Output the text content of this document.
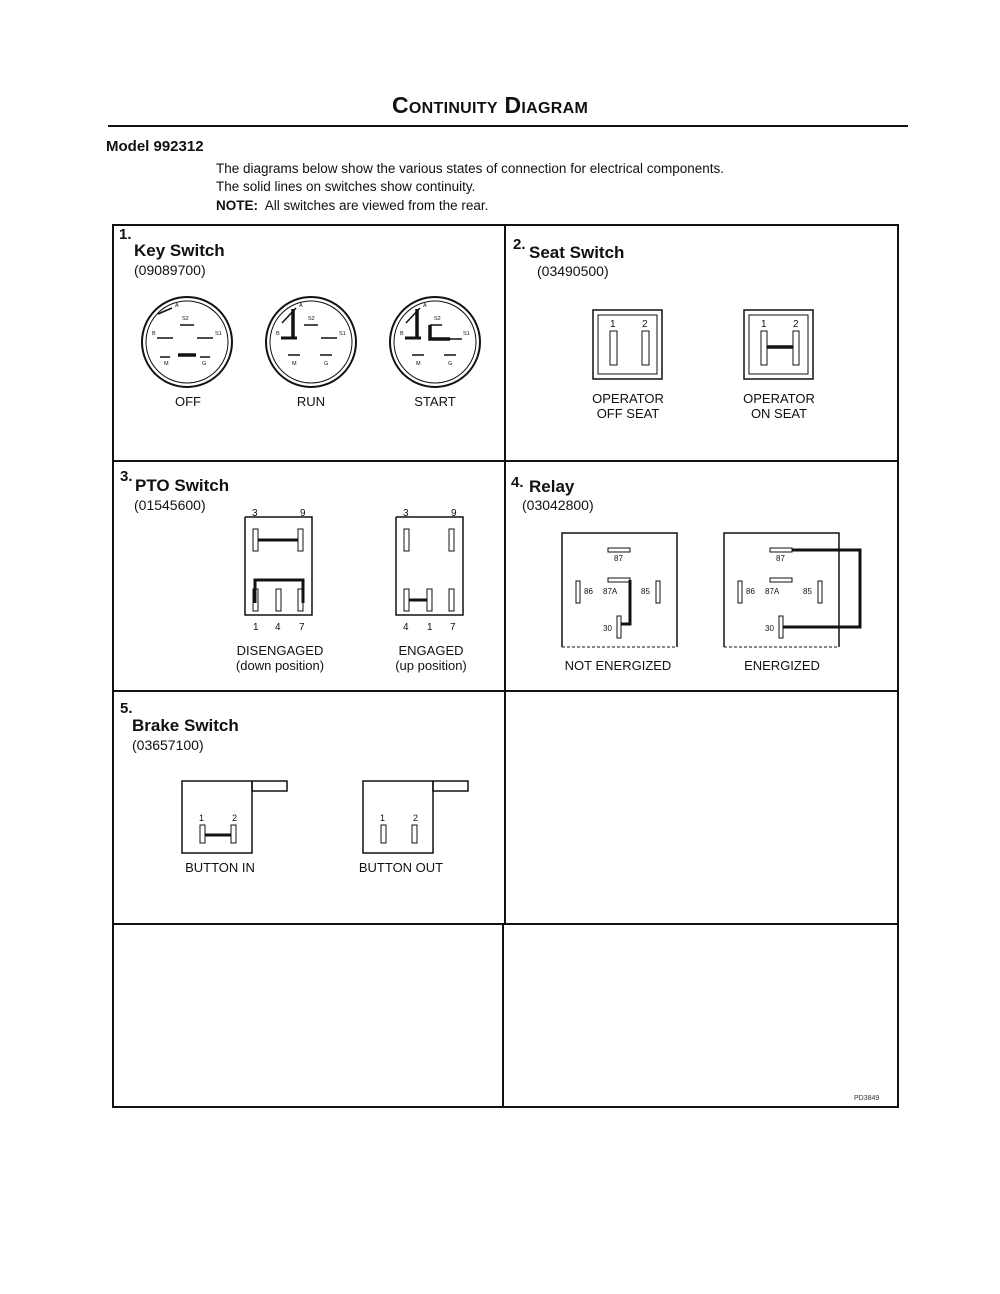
Continuity Diagram
Model 992312
The diagrams below show the various states of connection for electrical components.
The solid lines on switches show continuity.
NOTE: All switches are viewed from the rear.
1.
Key Switch
(09089700)
A
S2
B	S1
M	G
OFF
A
S2
B	S1
M	G
RUN
A
S2
B	S1
M	G
START
2. Seat Switch
(03490500)
1	2
OPERATOR
OFF SEAT
1	2
OPERATOR
ON SEAT
3. PTO Switch
(01545600)
3	9
1 4 7
DISENGAGED
(down position)
3	9
4 1 7
ENGAGED
(up position)
4. Relay
(03042800)
87
86 87A	85
30
NOT ENERGIZED
87
86 87A	85
30
ENERGIZED
5.
Brake Switch
(03657100)
1	2
BUTTON IN
1	2
BUTTON OUT
PD3849
